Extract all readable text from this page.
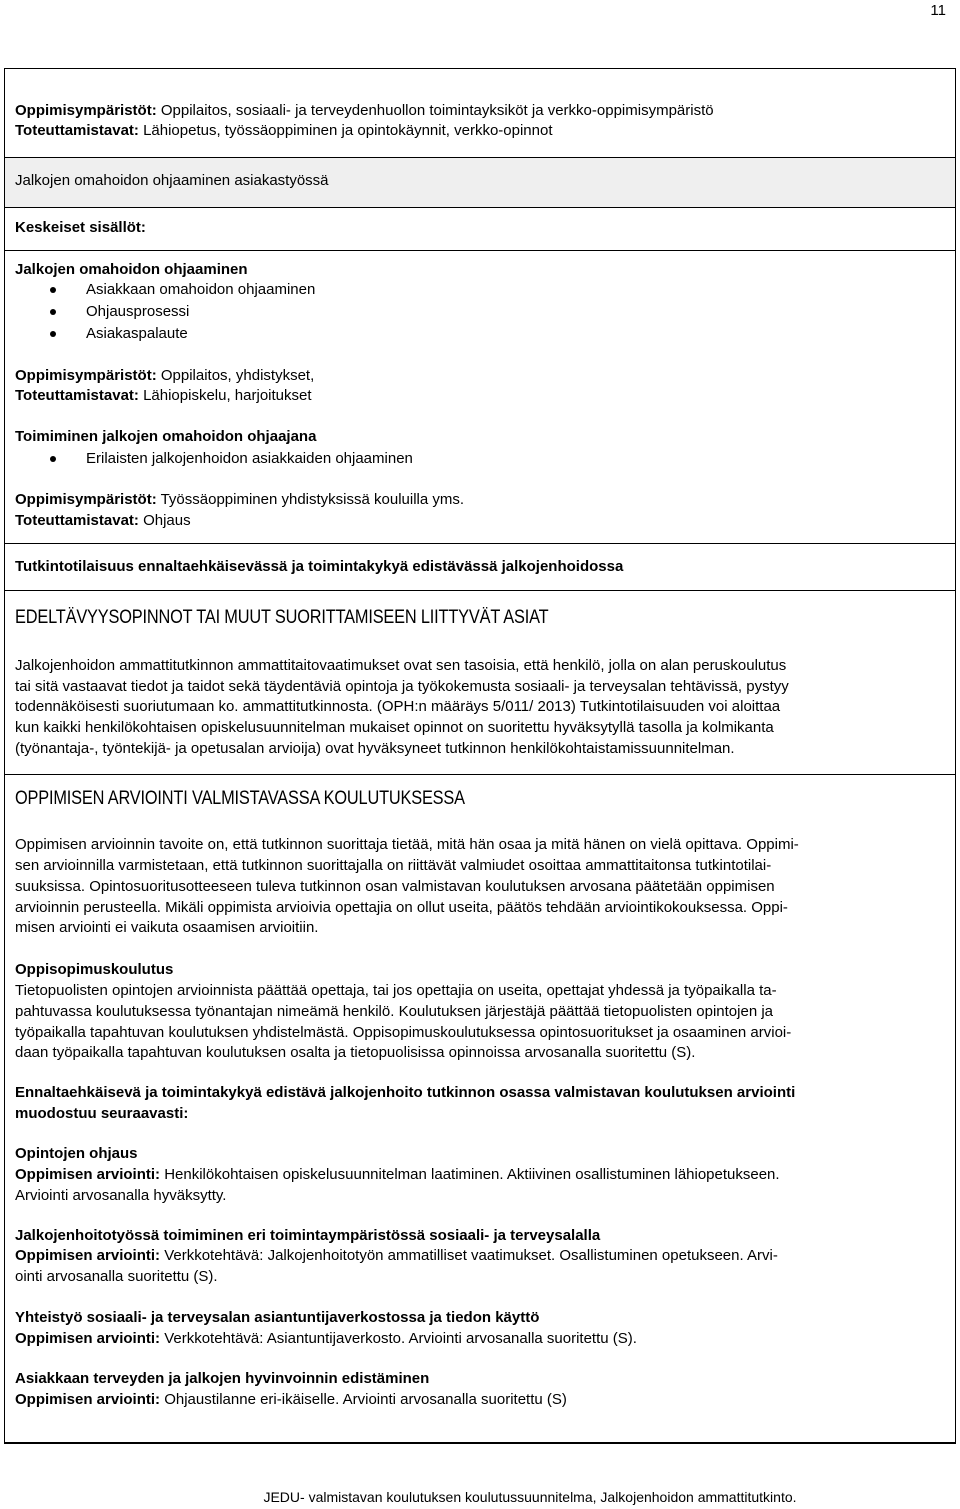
11
Oppimisympäristöt: Oppilaitos, sosiaali- ja terveydenhuollon toimintayksiköt ja verkko-oppimisympäristö
Toteuttamistavat: Lähiopetus, työssäoppiminen ja opintokäynnit, verkko-opinnot
Jalkojen omahoidon ohjaaminen asiakastyössä
Keskeiset sisällöt:
Jalkojen omahoidon ohjaaminen
Asiakkaan omahoidon ohjaaminen
Ohjausprosessi
Asiakaspalaute
Oppimisympäristöt: Oppilaitos, yhdistykset,
Toteuttamistavat: Lähiopiskelu, harjoitukset
Toimiminen jalkojen omahoidon ohjaajana
Erilaisten jalkojenhoidon asiakkaiden ohjaaminen
Oppimisympäristöt: Työssäoppiminen yhdistyksissä kouluilla yms.
Toteuttamistavat: Ohjaus
Tutkintotilaisuus ennaltaehkäisevässä ja toimintakykyä edistävässä jalkojenhoidossa
EDELTÄVYYSOPINNOT TAI MUUT SUORITTAMISEEN LIITTYVÄT ASIAT
Jalkojenhoidon ammattitutkinnon ammattitaitovaatimukset ovat sen tasoisia, että henkilö, jolla on alan peruskoulutus
tai sitä vastaavat tiedot ja taidot sekä täydentäviä opintoja ja työkokemusta sosiaali- ja terveysalan tehtävissä, pystyy
todennäköisesti suoriutumaan ko. ammattitutkinnosta. (OPH:n määräys 5/011/ 2013) Tutkintotilaisuuden voi aloittaa
kun kaikki henkilökohtaisen opiskelusuunnitelman mukaiset opinnot on suoritettu hyväksytyllä tasolla ja kolmikanta
(työnantaja-, työntekijä- ja opetusalan arvioija) ovat hyväksyneet tutkinnon henkilökohtaistamissuunnitelman.
OPPIMISEN ARVIOINTI VALMISTAVASSA KOULUTUKSESSA
Oppimisen arvioinnin tavoite on, että tutkinnon suorittaja tietää, mitä hän osaa ja mitä hänen on vielä opittava. Oppimi-
sen arvioinnilla varmistetaan, että tutkinnon suorittajalla on riittävät valmiudet osoittaa ammattitaitonsa tutkintotilai-
suuksissa. Opintosuoritusotteeseen tuleva tutkinnon osan valmistavan koulutuksen arvosana päätetään oppimisen
arvioinnin perusteella. Mikäli oppimista arvioivia opettajia on ollut useita, päätös tehdään arviointikokouksessa. Oppi-
misen arviointi ei vaikuta osaamisen arvioitiin.
Oppisopimuskoulutus
Tietopuolisten opintojen arvioinnista päättää opettaja, tai jos opettajia on useita, opettajat yhdessä ja työpaikalla ta-
pahtuvassa koulutuksessa työnantajan nimeämä henkilö. Koulutuksen järjestäjä päättää tietopuolisten opintojen ja
työpaikalla tapahtuvan koulutuksen yhdistelmästä. Oppisopimuskoulutuksessa opintosuoritukset ja osaaminen arvioi-
daan työpaikalla tapahtuvan koulutuksen osalta ja tietopuolisissa opinnoissa arvosanalla suoritettu (S).
Ennaltaehkäisevä ja toimintakykyä edistävä jalkojenhoito tutkinnon osassa valmistavan koulutuksen arviointi
muodostuu seuraavasti:
Opintojen ohjaus
Oppimisen arviointi: Henkilökohtaisen opiskelusuunnitelman laatiminen. Aktiivinen osallistuminen lähiopetukseen.
Arviointi arvosanalla hyväksytty.
Jalkojenhoitotyössä toimiminen eri toimintaympäristössä sosiaali- ja terveysalalla
Oppimisen arviointi: Verkkotehtävä: Jalkojenhoitotyön ammatilliset vaatimukset. Osallistuminen opetukseen. Arvi-
ointi arvosanalla suoritettu (S).
Yhteistyö sosiaali- ja terveysalan asiantuntijaverkostossa ja tiedon käyttö
Oppimisen arviointi: Verkkotehtävä: Asiantuntijaverkosto. Arviointi arvosanalla suoritettu (S).
Asiakkaan terveyden ja jalkojen hyvinvoinnin edistäminen
Oppimisen arviointi: Ohjaustilanne eri-ikäiselle. Arviointi arvosanalla suoritettu (S)
JEDU- valmistavan koulutuksen koulutussuunnitelma, Jalkojenhoidon ammattitutkinto.
